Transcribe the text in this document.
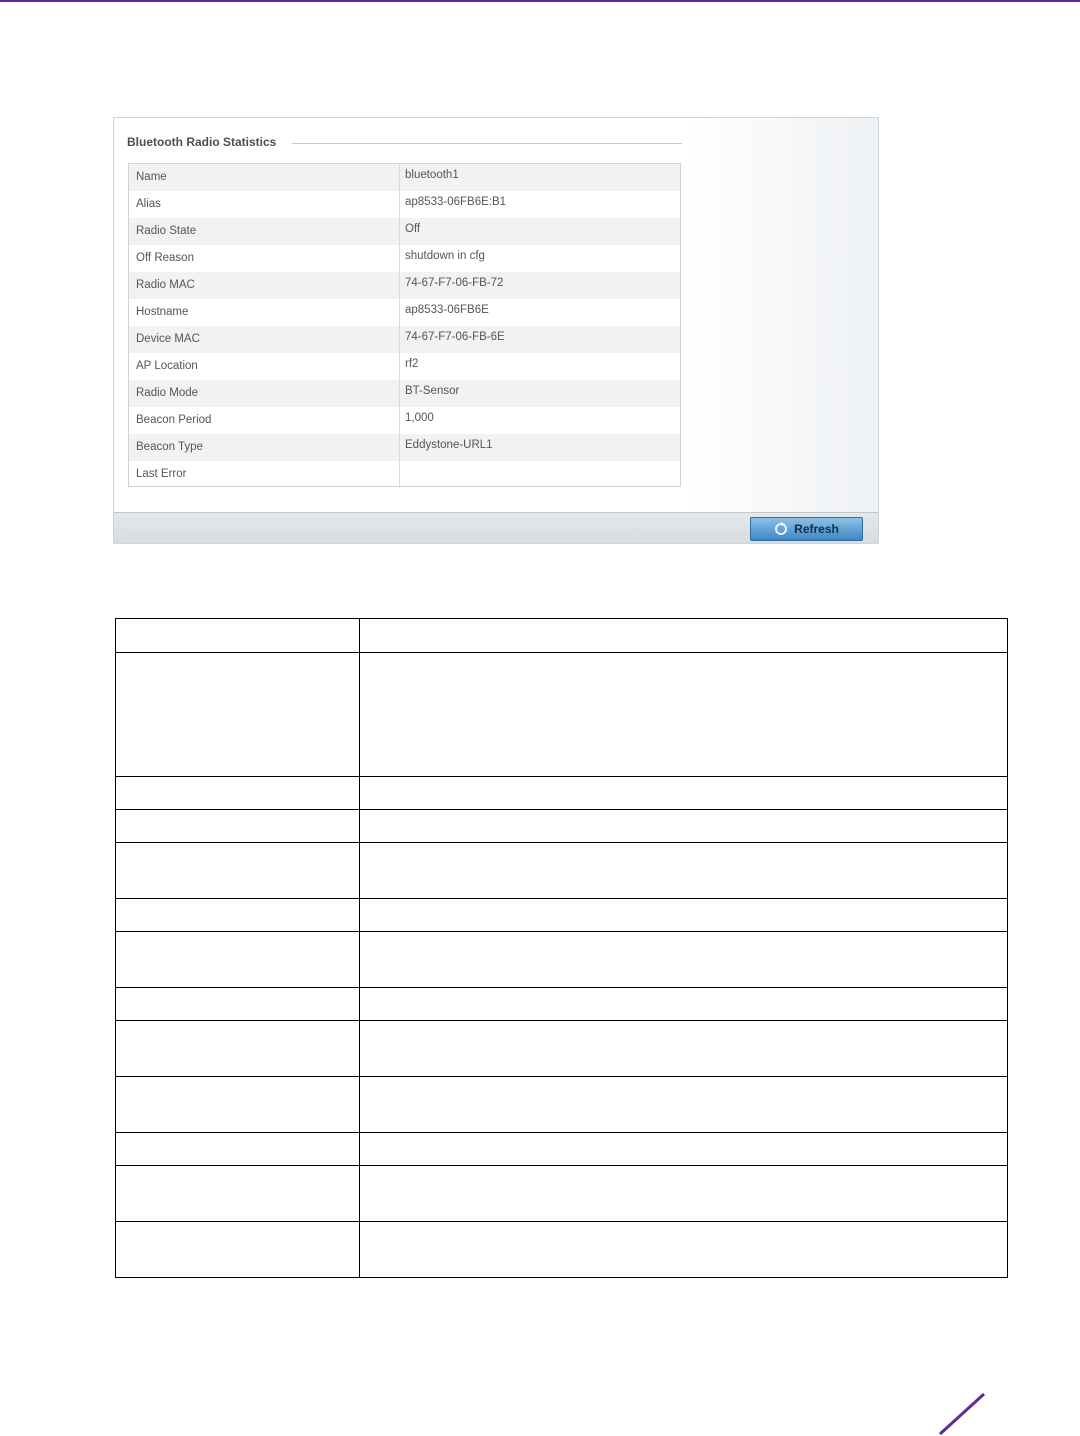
Bluetooth Radio Statistics
Name	bluetooth1
Alias	ap8533-06FB6E:B1
Radio State	Off
Off Reason	shutdown in cfg
Radio MAC	74-67-F7-06-FB-72
Hostname	ap8533-06FB6E
Device MAC	74-67-F7-06-FB-6E
AP Location	rf2
Radio Mode	BT-Sensor
Beacon Period	1,000
Beacon Type	Eddystone-URL1
Last Error
Refresh
